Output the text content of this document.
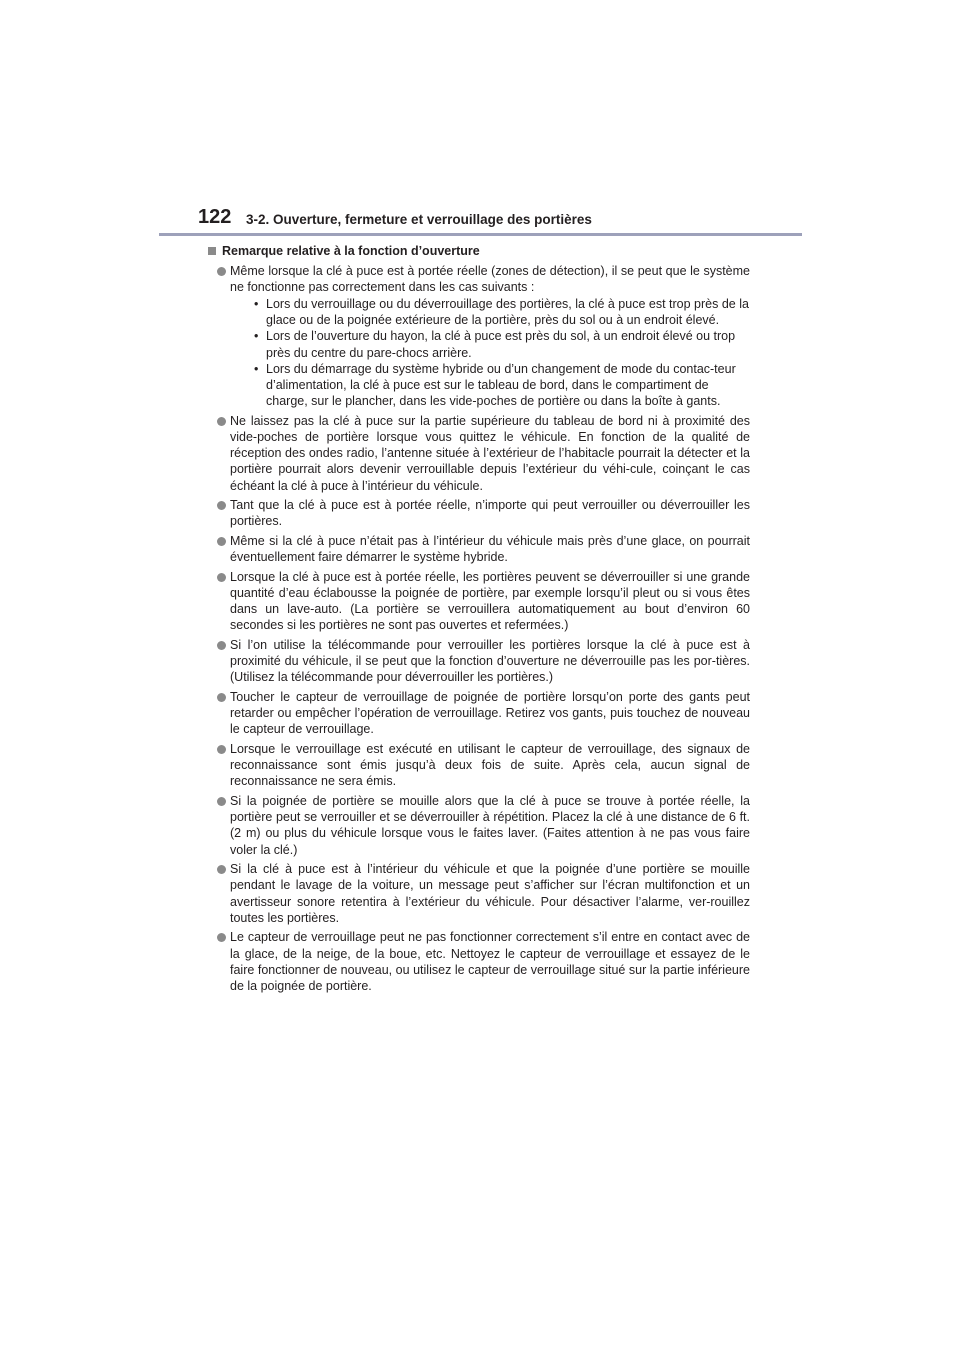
122 3-2. Ouverture, fermeture et verrouillage des portières
Remarque relative à la fonction d’ouverture
Même lorsque la clé à puce est à portée réelle (zones de détection), il se peut que le système ne fonctionne pas correctement dans les cas suivants :
• Lors du verrouillage ou du déverrouillage des portières, la clé à puce est trop près de la glace ou de la poignée extérieure de la portière, près du sol ou à un endroit élevé.
• Lors de l’ouverture du hayon, la clé à puce est près du sol, à un endroit élevé ou trop près du centre du pare-chocs arrière.
• Lors du démarrage du système hybride ou d’un changement de mode du contac-teur d’alimentation, la clé à puce est sur le tableau de bord, dans le compartiment de charge, sur le plancher, dans les vide-poches de portière ou dans la boîte à gants.
Ne laissez pas la clé à puce sur la partie supérieure du tableau de bord ni à proximité des vide-poches de portière lorsque vous quittez le véhicule. En fonction de la qualité de réception des ondes radio, l’antenne située à l’extérieur de l’habitacle pourrait la détecter et la portière pourrait alors devenir verrouillable depuis l’extérieur du véhi-cule, coinçant le cas échéant la clé à puce à l’intérieur du véhicule.
Tant que la clé à puce est à portée réelle, n’importe qui peut verrouiller ou déverrouiller les portières.
Même si la clé à puce n’était pas à l’intérieur du véhicule mais près d’une glace, on pourrait éventuellement faire démarrer le système hybride.
Lorsque la clé à puce est à portée réelle, les portières peuvent se déverrouiller si une grande quantité d’eau éclabousse la poignée de portière, par exemple lorsqu’il pleut ou si vous êtes dans un lave-auto. (La portière se verrouillera automatiquement au bout d’environ 60 secondes si les portières ne sont pas ouvertes et refermées.)
Si l’on utilise la télécommande pour verrouiller les portières lorsque la clé à puce est à proximité du véhicule, il se peut que la fonction d’ouverture ne déverrouille pas les por-tières. (Utilisez la télécommande pour déverrouiller les portières.)
Toucher le capteur de verrouillage de poignée de portière lorsqu’on porte des gants peut retarder ou empêcher l’opération de verrouillage. Retirez vos gants, puis touchez de nouveau le capteur de verrouillage.
Lorsque le verrouillage est exécuté en utilisant le capteur de verrouillage, des signaux de reconnaissance sont émis jusqu’à deux fois de suite. Après cela, aucun signal de reconnaissance ne sera émis.
Si la poignée de portière se mouille alors que la clé à puce se trouve à portée réelle, la portière peut se verrouiller et se déverrouiller à répétition. Placez la clé à une distance de 6 ft. (2 m) ou plus du véhicule lorsque vous le faites laver. (Faites attention à ne pas vous faire voler la clé.)
Si la clé à puce est à l’intérieur du véhicule et que la poignée d’une portière se mouille pendant le lavage de la voiture, un message peut s’afficher sur l’écran multifonction et un avertisseur sonore retentira à l’extérieur du véhicule. Pour désactiver l’alarme, ver-rouillez toutes les portières.
Le capteur de verrouillage peut ne pas fonctionner correctement s’il entre en contact avec de la glace, de la neige, de la boue, etc. Nettoyez le capteur de verrouillage et essayez de le faire fonctionner de nouveau, ou utilisez le capteur de verrouillage situé sur la partie inférieure de la poignée de portière.
